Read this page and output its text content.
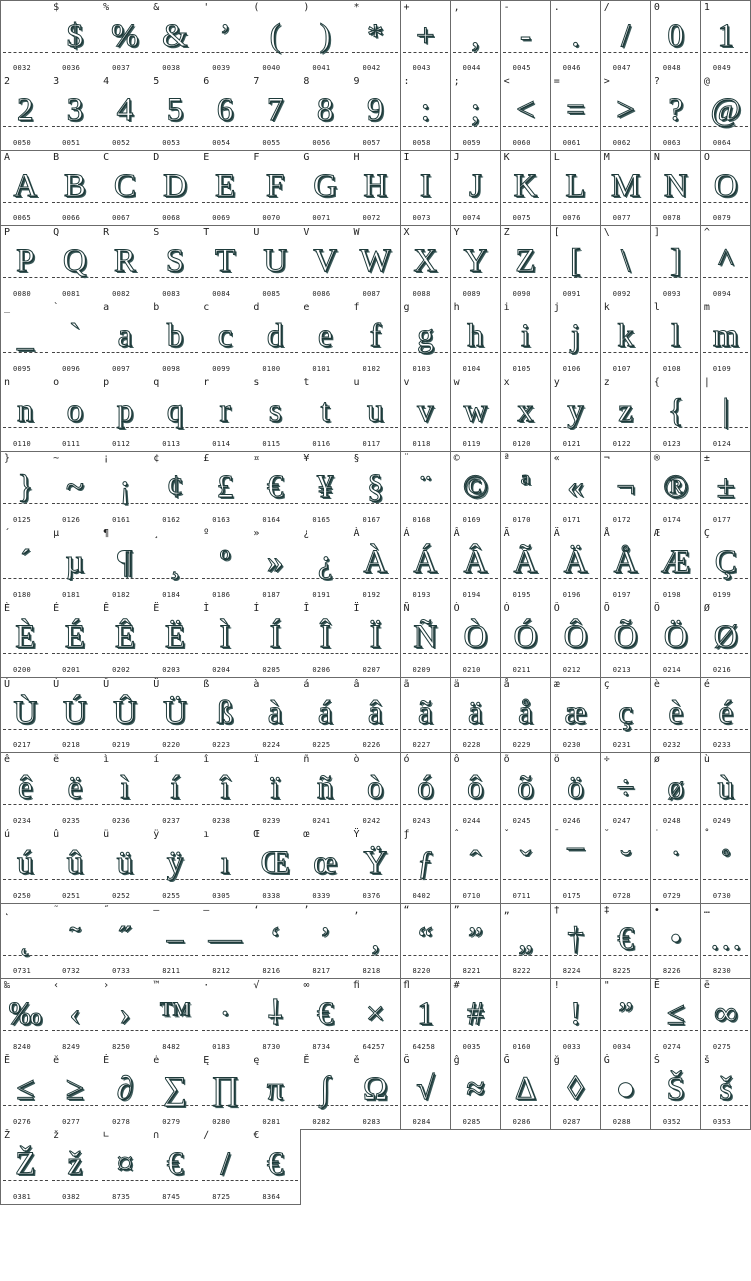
0032
$
$
0036
%
%
0037
&
&
0038
'
’
0039
(
(
0040
)
)
0041
*
*
0042
+
+
0043
,
,
0044
-
-
0045
.
.
0046
/
/
0047
0
0
0048
1
1
0049
2
2
0050
3
3
0051
4
4
0052
5
5
0053
6
6
0054
7
7
0055
8
8
0056
9
9
0057
:
:
0058
;
;
0059
<
<
0060
=
=
0061
>
>
0062
?
?
0063
@
@
0064
A
A
0065
B
B
0066
C
C
0067
D
D
0068
E
E
0069
F
F
0070
G
G
0071
H
H
0072
I
I
0073
J
J
0074
K
K
0075
L
L
0076
M
M
0077
N
N
0078
O
O
0079
P
P
0080
Q
Q
0081
R
R
0082
S
S
0083
T
T
0084
U
U
0085
V
V
0086
W
W
0087
X
X
0088
Y
Y
0089
Z
Z
0090
[
[
0091
\
\
0092
]
]
0093
^
^
0094
_
_
0095
`
`
0096
a
a
0097
b
b
0098
c
c
0099
d
d
0100
e
e
0101
f
f
0102
g
g
0103
h
h
0104
i
i
0105
j
j
0106
k
k
0107
l
l
0108
m
m
0109
n
n
0110
o
o
0111
p
p
0112
q
q
0113
r
r
0114
s
s
0115
t
t
0116
u
u
0117
v
v
0118
w
w
0119
x
x
0120
y
y
0121
z
z
0122
{
{
0123
|
|
0124
}
}
0125
~
~
0126
¡
¡
0161
¢
¢
0162
£
£
0163
¤
€
0164
¥
¥
0165
§
§
0167
¨
¨
0168
©
©
0169
ª
ª
0170
«
«
0171
¬
¬
0172
®
®
0174
±
±
0177
´
´
0180
µ
µ
0181
¶
¶
0182
¸
¸
0184
º
º
0186
»
»
0187
¿
¿
0191
À
À
0192
Á
Á
0193
Â
Â
0194
Ã
Ã
0195
Ä
Ä
0196
Å
Å
0197
Æ
Æ
0198
Ç
Ç
0199
È
È
0200
É
É
0201
Ê
Ê
0202
Ë
Ë
0203
Ì
Ì
0204
Í
Í
0205
Î
Î
0206
Ï
Ï
0207
Ñ
Ñ
0209
Ò
Ò
0210
Ó
Ó
0211
Ô
Ô
0212
Õ
Õ
0213
Ö
Ö
0214
Ø
Ø
0216
Ù
Ù
0217
Ú
Ú
0218
Û
Û
0219
Ü
Ü
0220
ß
ß
0223
à
à
0224
á
á
0225
â
â
0226
ã
ã
0227
ä
ä
0228
å
å
0229
æ
æ
0230
ç
ç
0231
è
è
0232
é
é
0233
ê
ê
0234
ë
ë
0235
ì
ì
0236
í
í
0237
î
î
0238
ï
ï
0239
ñ
ñ
0241
ò
ò
0242
ó
ó
0243
ô
ô
0244
õ
õ
0245
ö
ö
0246
÷
÷
0247
ø
ø
0248
ù
ù
0249
ú
ú
0250
û
û
0251
ü
ü
0252
ÿ
ÿ
0255
ı
ı
0305
Œ
Œ
0338
œ
œ
0339
Ÿ
Ÿ
0376
ƒ
ƒ
0402
ˆ
ˆ
0710
ˇ
ˇ
0711
¯
¯
0175
˘
˘
0728
˙
˙
0729
˚
˚
0730
˛
˛
0731
˜
˜
0732
˝
˝
0733
–
–
8211
—
—
8212
‘
‘
8216
’
’
8217
‚
‚
8218
“
“
8220
”
”
8221
„
„
8222
†
†
8224
‡
€
8225
•
•
8226
…
…
8230
‰
‰
8240
‹
‹
8249
›
›
8250
™
™
8482
·
·
0183
√
⸸
8730
∞
€
8734
ﬁ
×
64257
ﬂ
1
64258
#
#
0035	0160
!
!
0033
"
”
0034
Ē
≤
0274
ē
∞
0275
Ĕ
≤
0276
ĕ
≥
0277
Ė
∂
0278
ė
∑
0279
Ę
∏
0280
ę
π
0281
Ě
∫
0282
ě
Ω
0283
Ĝ
√
0284
ĝ
≈
0285
Ğ
∆
0286
ğ
◊
0287
Ġ
●
0288
Š
Š
0352
š
š
0353
Ž
Ž
0381
ž
ž
0382
∟
¤
8735
∩
€
8745
∕
/
8725
€
€
8364
